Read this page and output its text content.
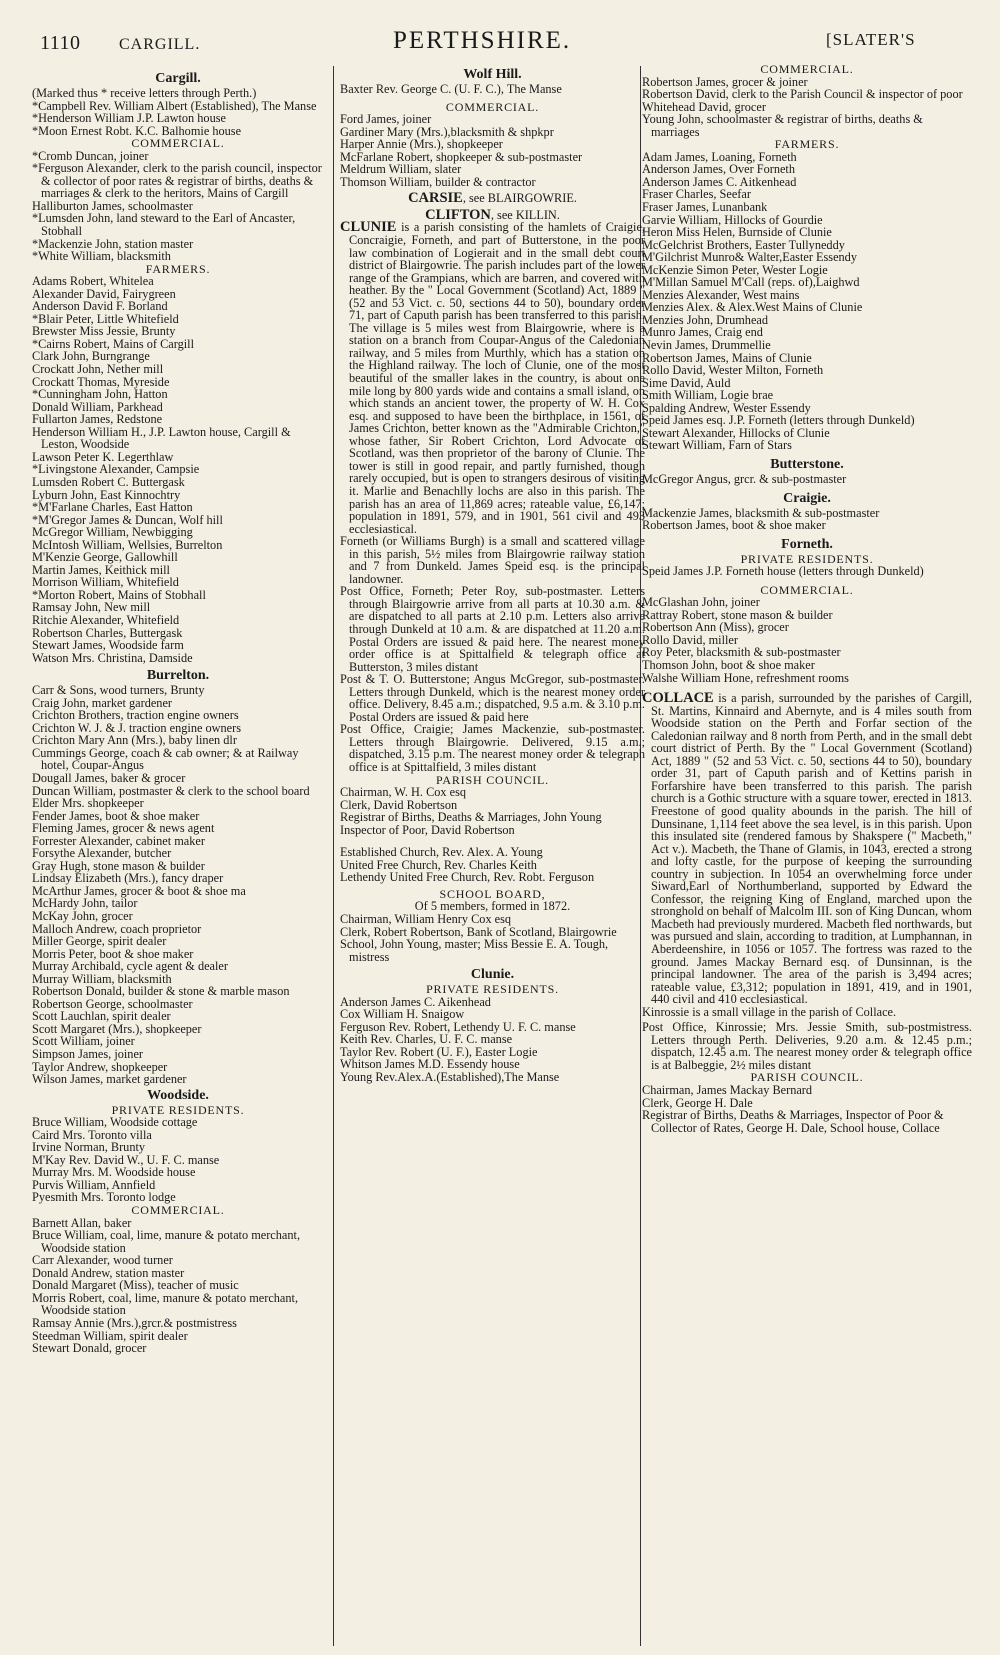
1110 CARGILL.	PERTHSHIRE.	[SLATER'S
Cargill.
(Marked thus * receive letters through Perth.)
*Campbell Rev. William Albert (Established), The Manse
*Henderson William J.P. Lawton house
*Moon Ernest Robt. K.C. Balhomie house
COMMERCIAL.
*Cromb Duncan, joiner
*Ferguson Alexander, clerk to the parish council, inspector & collector of poor rates & registrar of births, deaths & marriages & clerk to the heritors, Mains of Cargill
Halliburton James, schoolmaster
*Lumsden John, land steward to the Earl of Ancaster, Stobhall
*Mackenzie John, station master
*White William, blacksmith
FARMERS.
Adams Robert, Whitelea
Alexander David, Fairygreen
Anderson David F. Borland
*Blair Peter, Little Whitefield
Brewster Miss Jessie, Brunty
*Cairns Robert, Mains of Cargill
Clark John, Burngrange
Crockatt John, Nether mill
Crockatt Thomas, Myreside
*Cunningham John, Hatton
Donald William, Parkhead
Fullarton James, Redstone
Henderson William H., J.P. Lawton house, Cargill & Leston, Woodside
Lawson Peter K. Legerthlaw
*Livingstone Alexander, Campsie
Lumsden Robert C. Buttergask
Lyburn John, East Kinnochtry
*M'Farlane Charles, East Hatton
*M'Gregor James & Duncan, Wolf hill
McGregor William, Newbigging
McIntosh William, Wellsies, Burrelton
M'Kenzie George, Gallowhill
Martin James, Keithick mill
Morrison William, Whitefield
*Morton Robert, Mains of Stobhall
Ramsay John, New mill
Ritchie Alexander, Whitefield
Robertson Charles, Buttergask
Stewart James, Woodside farm
Watson Mrs. Christina, Damside
Burrelton.
Carr & Sons, wood turners, Brunty
Craig John, market gardener
Crichton Brothers, traction engine owners
Crichton W. J. & J. traction engine owners
Crichton Mary Ann (Mrs.), baby linen dlr
Cummings George, coach & cab owner; & at Railway hotel, Coupar-Angus
Dougall James, baker & grocer
Duncan William, postmaster & clerk to the school board
Elder Mrs. shopkeeper
Fender James, boot & shoe maker
Fleming James, grocer & news agent
Forrester Alexander, cabinet maker
Forsythe Alexander, butcher
Gray Hugh, stone mason & builder
Lindsay Elizabeth (Mrs.), fancy draper
McArthur James, grocer & boot & shoe ma
McHardy John, tailor
McKay John, grocer
Malloch Andrew, coach proprietor
Miller George, spirit dealer
Morris Peter, boot & shoe maker
Murray Archibald, cycle agent & dealer
Murray William, blacksmith
Robertson Donald, builder & stone & marble mason
Robertson George, schoolmaster
Scott Lauchlan, spirit dealer
Scott Margaret (Mrs.), shopkeeper
Scott William, joiner
Simpson James, joiner
Taylor Andrew, shopkeeper
Wilson James, market gardener
Woodside.
PRIVATE RESIDENTS.
Bruce William, Woodside cottage
Caird Mrs. Toronto villa
Irvine Norman, Brunty
M'Kay Rev. David W., U. F. C. manse
Murray Mrs. M. Woodside house
Purvis William, Annfield
Pyesmith Mrs. Toronto lodge
COMMERCIAL.
Barnett Allan, baker
Bruce William, coal, lime, manure & potato merchant, Woodside station
Carr Alexander, wood turner
Donald Andrew, station master
Donald Margaret (Miss), teacher of music
Morris Robert, coal, lime, manure & potato merchant, Woodside station
Ramsay Annie (Mrs.),grcr.& postmistress
Steedman William, spirit dealer
Stewart Donald, grocer
Wolf Hill.
Baxter Rev. George C. (U. F. C.), The Manse
COMMERCIAL.
Ford James, joiner
Gardiner Mary (Mrs.),blacksmith & shpkpr
Harper Annie (Mrs.), shopkeeper
McFarlane Robert, shopkeeper & sub-postmaster
Meldrum William, slater
Thomson William, builder & contractor
CARSIE, see BLAIRGOWRIE.
CLIFTON, see KILLIN.
CLUNIE is a parish consisting of the hamlets of Craigie, Concraigie, Forneth, and part of Butterstone, in the poor law combination of Logierait and in the small debt court district of Blairgowrie. The parish includes part of the lower range of the Grampians, which are barren, and covered with heather. By the " Local Government (Scotland) Act, 1889 " (52 and 53 Vict. c. 50, sections 44 to 50), boundary order 71, part of Caputh parish has been transferred to this parish. The village is 5 miles west from Blairgowrie, where is a station on a branch from Coupar-Angus of the Caledonian railway, and 5 miles from Murthly, which has a station on the Highland railway. The loch of Clunie, one of the most beautiful of the smaller lakes in the country, is about one mile long by 800 yards wide and contains a small island, on which stands an ancient tower, the property of W. H. Cox esq. and supposed to have been the birthplace, in 1561, of James Crichton, better known as the "Admirable Crichton," whose father, Sir Robert Crichton, Lord Advocate of Scotland, was then proprietor of the barony of Clunie. The tower is still in good repair, and partly furnished, though rarely occupied, but is open to strangers desirous of visiting it. Marlie and Benachlly lochs are also in this parish. The parish has an area of 11,869 acres; rateable value, £6,147; population in 1891, 579, and in 1901, 561 civil and 493 ecclesiastical.
Forneth (or Williams Burgh) is a small and scattered village in this parish, 5½ miles from Blairgowrie railway station and 7 from Dunkeld. James Speid esq. is the principal landowner.
Post Office, Forneth; Peter Roy, sub-postmaster. Letters through Blairgowrie arrive from all parts at 10.30 a.m. & are dispatched to all parts at 2.10 p.m. Letters also arrive through Dunkeld at 10 a.m. & are dispatched at 11.20 a.m. Postal Orders are issued & paid here. The nearest money order office is at Spittalfield & telegraph office at Butterston, 3 miles distant
Post & T. O. Butterstone; Angus McGregor, sub-postmaster. Letters through Dunkeld, which is the nearest money order office. Delivery, 8.45 a.m.; dispatched, 9.5 a.m. & 3.10 p.m. Postal Orders are issued & paid here
Post Office, Craigie; James Mackenzie, sub-postmaster. Letters through Blairgowrie. Delivered, 9.15 a.m.; dispatched, 3.15 p.m. The nearest money order & telegraph office is at Spittalfield, 3 miles distant
PARISH COUNCIL.
Chairman, W. H. Cox esq
Clerk, David Robertson
Registrar of Births, Deaths & Marriages, John Young
Inspector of Poor, David Robertson
Established Church, Rev. Alex. A. Young
United Free Church, Rev. Charles Keith
Lethendy United Free Church, Rev. Robt. Ferguson
SCHOOL BOARD,
Of 5 members, formed in 1872.
Chairman, William Henry Cox esq
Clerk, Robert Robertson, Bank of Scotland, Blairgowrie
School, John Young, master; Miss Bessie E. A. Tough, mistress
Clunie.
PRIVATE RESIDENTS.
Anderson James C. Aikenhead
Cox William H. Snaigow
Ferguson Rev. Robert, Lethendy U. F. C. manse
Keith Rev. Charles, U. F. C. manse
Taylor Rev. Robert (U. F.), Easter Logie
Whitson James M.D. Essendy house
Young Rev.Alex.A.(Established),The Manse
COMMERCIAL.
Robertson James, grocer & joiner
Robertson David, clerk to the Parish Council & inspector of poor
Whitehead David, grocer
Young John, schoolmaster & registrar of births, deaths & marriages
FARMERS.
Adam James, Loaning, Forneth
Anderson James, Over Forneth
Anderson James C. Aitkenhead
Fraser Charles, Seefar
Fraser James, Lunanbank
Garvie William, Hillocks of Gourdie
Heron Miss Helen, Burnside of Clunie
McGelchrist Brothers, Easter Tullyneddy
M'Gilchrist Munro& Walter,Easter Essendy
McKenzie Simon Peter, Wester Logie
M'Millan Samuel M'Call (reps. of),Laighwd
Menzies Alexander, West mains
Menzies Alex. & Alex.West Mains of Clunie
Menzies John, Drumhead
Munro James, Craig end
Nevin James, Drummellie
Robertson James, Mains of Clunie
Rollo David, Wester Milton, Forneth
Sime David, Auld
Smith William, Logie brae
Spalding Andrew, Wester Essendy
Speid James esq. J.P. Forneth (letters through Dunkeld)
Stewart Alexander, Hillocks of Clunie
Stewart William, Farn of Stars
Butterstone.
McGregor Angus, grcr. & sub-postmaster
Craigie.
Mackenzie James, blacksmith & sub-postmaster
Robertson James, boot & shoe maker
Forneth.
PRIVATE RESIDENTS.
Speid James J.P. Forneth house (letters through Dunkeld)
COMMERCIAL.
McGlashan John, joiner
Rattray Robert, stone mason & builder
Robertson Ann (Miss), grocer
Rollo David, miller
Roy Peter, blacksmith & sub-postmaster
Thomson John, boot & shoe maker
Walshe William Hone, refreshment rooms
COLLACE is a parish, surrounded by the parishes of Cargill, St. Martins, Kinnaird and Abernyte, and is 4 miles south from Woodside station on the Perth and Forfar section of the Caledonian railway and 8 north from Perth, and in the small debt court district of Perth. By the " Local Government (Scotland) Act, 1889 " (52 and 53 Vict. c. 50, sections 44 to 50), boundary order 31, part of Caputh parish and of Kettins parish in Forfarshire have been transferred to this parish. The parish church is a Gothic structure with a square tower, erected in 1813. Freestone of good quality abounds in the parish. The hill of Dunsinane, 1,114 feet above the sea level, is in this parish. Upon this insulated site (rendered famous by Shakspere (" Macbeth," Act v.). Macbeth, the Thane of Glamis, in 1043, erected a strong and lofty castle, for the purpose of keeping the surrounding country in subjection. In 1054 an overwhelming force under Siward,Earl of Northumberland, supported by Edward the Confessor, the reigning King of England, marched upon the stronghold on behalf of Malcolm III. son of King Duncan, whom Macbeth had previously murdered. Macbeth fled northwards, but was pursued and slain, according to tradition, at Lumphannan, in Aberdeenshire, in 1056 or 1057. The fortress was razed to the ground. James Mackay Bernard esq. of Dunsinnan, is the principal landowner. The area of the parish is 3,494 acres; rateable value, £3,312; population in 1891, 419, and in 1901, 440 civil and 410 ecclesiastical.
Kinrossie is a small village in the parish of Collace.
Post Office, Kinrossie; Mrs. Jessie Smith, sub-postmistress. Letters through Perth. Deliveries, 9.20 a.m. & 12.45 p.m.; dispatch, 12.45 a.m. The nearest money order & telegraph office is at Balbeggie, 2½ miles distant
PARISH COUNCIL.
Chairman, James Mackay Bernard
Clerk, George H. Dale
Registrar of Births, Deaths & Marriages, Inspector of Poor & Collector of Rates, George H. Dale, School house, Collace
